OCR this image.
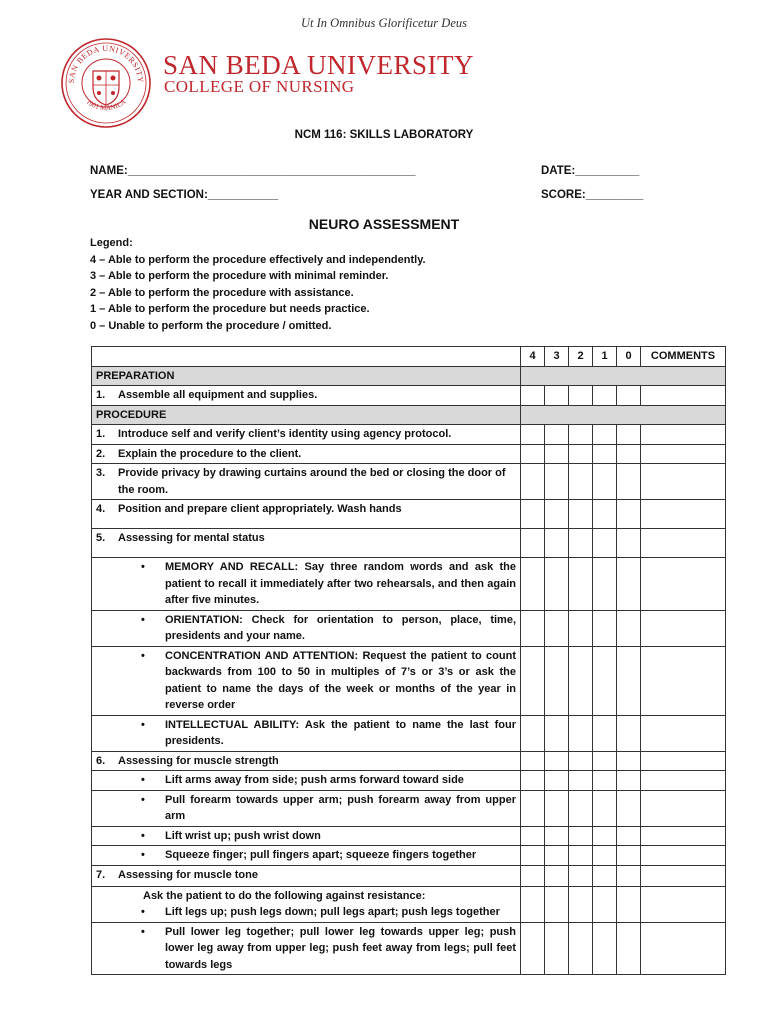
Ut In Omnibus Glorificetur Deus
SAN BEDA UNIVERSITY
1901 MANILA
SAN BEDA UNIVERSITY
COLLEGE OF NURSING
NCM 116: SKILLS LABORATORY
NAME:_____________________________________________	DATE:__________
YEAR AND SECTION:___________	SCORE:_________
NEURO ASSESSMENT
Legend:
4 – Able to perform the procedure effectively and independently.
3 – Able to perform the procedure with minimal reminder.
2 – Able to perform the procedure with assistance.
1 – Able to perform the procedure but needs practice.
0 – Unable to perform the procedure / omitted.
	4	3	2	1	0	COMMENTS
PREPARATION						
1. Assemble all equipment and supplies.						
PROCEDURE						
1. Introduce self and verify client’s identity using agency protocol.						
2. Explain the procedure to the client.						

3. Provide privacy by drawing curtains around the bed or closing the door of the room.						

4. Position and prepare client appropriately. Wash hands						
5. Assessing for mental status						

• MEMORY AND RECALL: Say three random words and ask the patient to recall it immediately after two rehearsals, and then again after five minutes.						

• ORIENTATION: Check for orientation to person, place, time, presidents and your name.						

• CONCENTRATION AND ATTENTION: Request the patient to count backwards from 100 to 50 in multiples of 7’s or 3’s or ask the patient to name the days of the week or months of the year in reverse order						

• INTELLECTUAL ABILITY: Ask the patient to name the last four presidents.						

6. Assessing for muscle strength						

• Lift arms away from side; push arms forward toward side						

• Pull forearm towards upper arm; push forearm away from upper arm						

• Lift wrist up; push wrist down						

• Squeeze finger; pull fingers apart; squeeze fingers together						

7. Assessing for muscle tone						

Ask the patient to do the following against resistance:
• Lift legs up; push legs down; pull legs apart; push legs together						

• Pull lower leg together; pull lower leg towards upper leg; push lower leg away from upper leg; push feet away from legs; pull feet towards legs						
